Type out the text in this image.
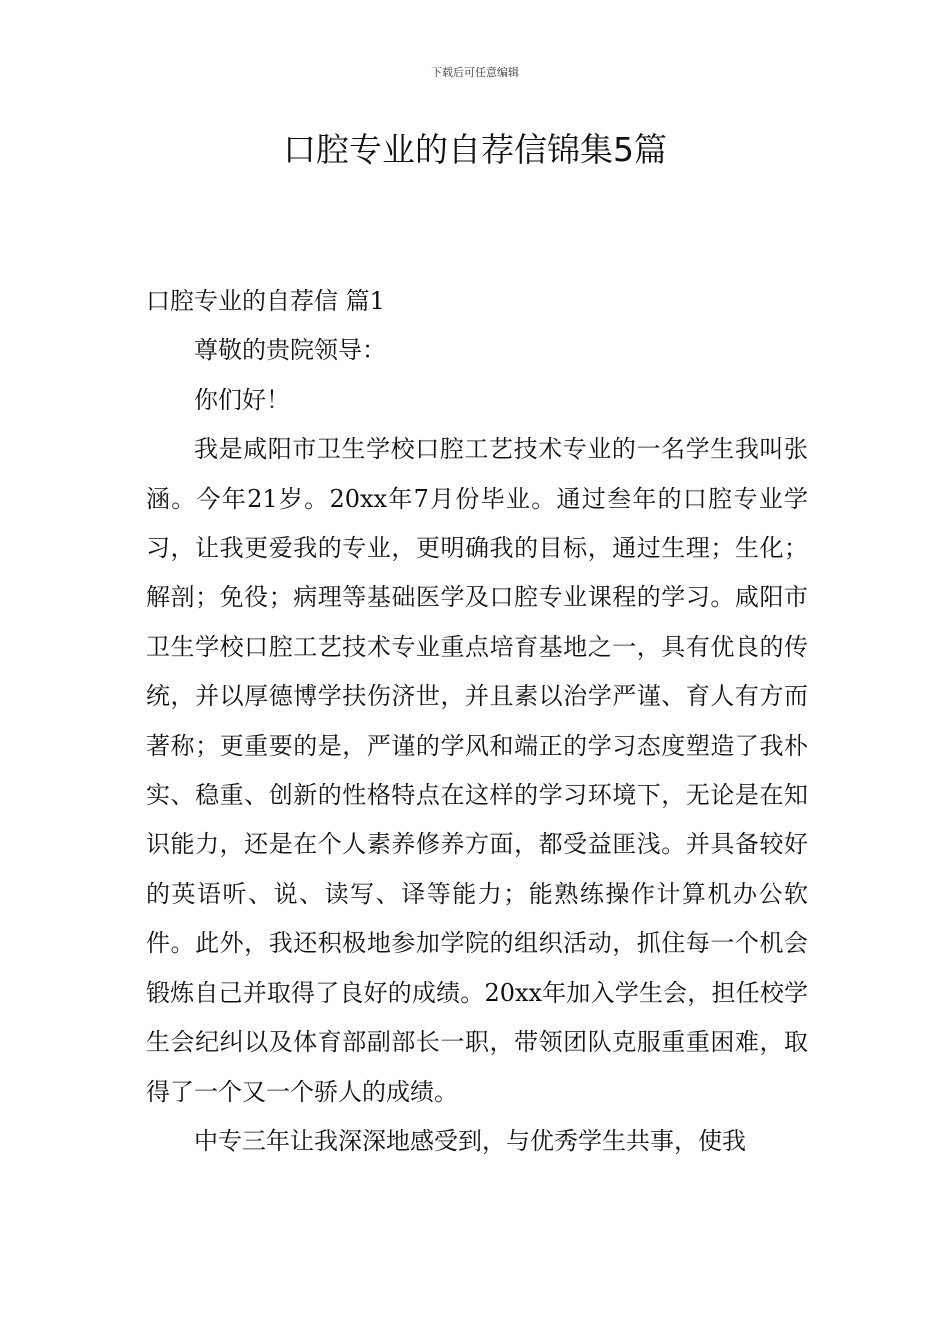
下载后可任意编辑
口腔专业的自荐信锦集5篇

口腔专业的自荐信 篇1

尊敬的贵院领导：

你们好！

我是咸阳市卫生学校口腔工艺技术专业的一名学生我叫张涵。今年21岁。20xx年7月份毕业。通过叁年的口腔专业学习，让我更爱我的专业，更明确我的目标，通过生理；生化；解剖；免役；病理等基础医学及口腔专业课程的学习。咸阳市卫生学校口腔工艺技术专业重点培育基地之一，具有优良的传统，并以厚德博学扶伤济世，并且素以治学严谨、育人有方而著称；更重要的是，严谨的学风和端正的学习态度塑造了我朴实、稳重、创新的性格特点在这样的学习环境下，无论是在知识能力，还是在个人素养修养方面，都受益匪浅。并具备较好的英语听、说、读写、译等能力；能熟练操作计算机办公软件。此外，我还积极地参加学院的组织活动，抓住每一个机会锻炼自己并取得了良好的成绩。20xx年加入学生会，担任校学生会纪纠以及体育部副部长一职，带领团队克服重重困难，取得了一个又一个骄人的成绩。

中专三年让我深深地感受到，与优秀学生共事，使我
